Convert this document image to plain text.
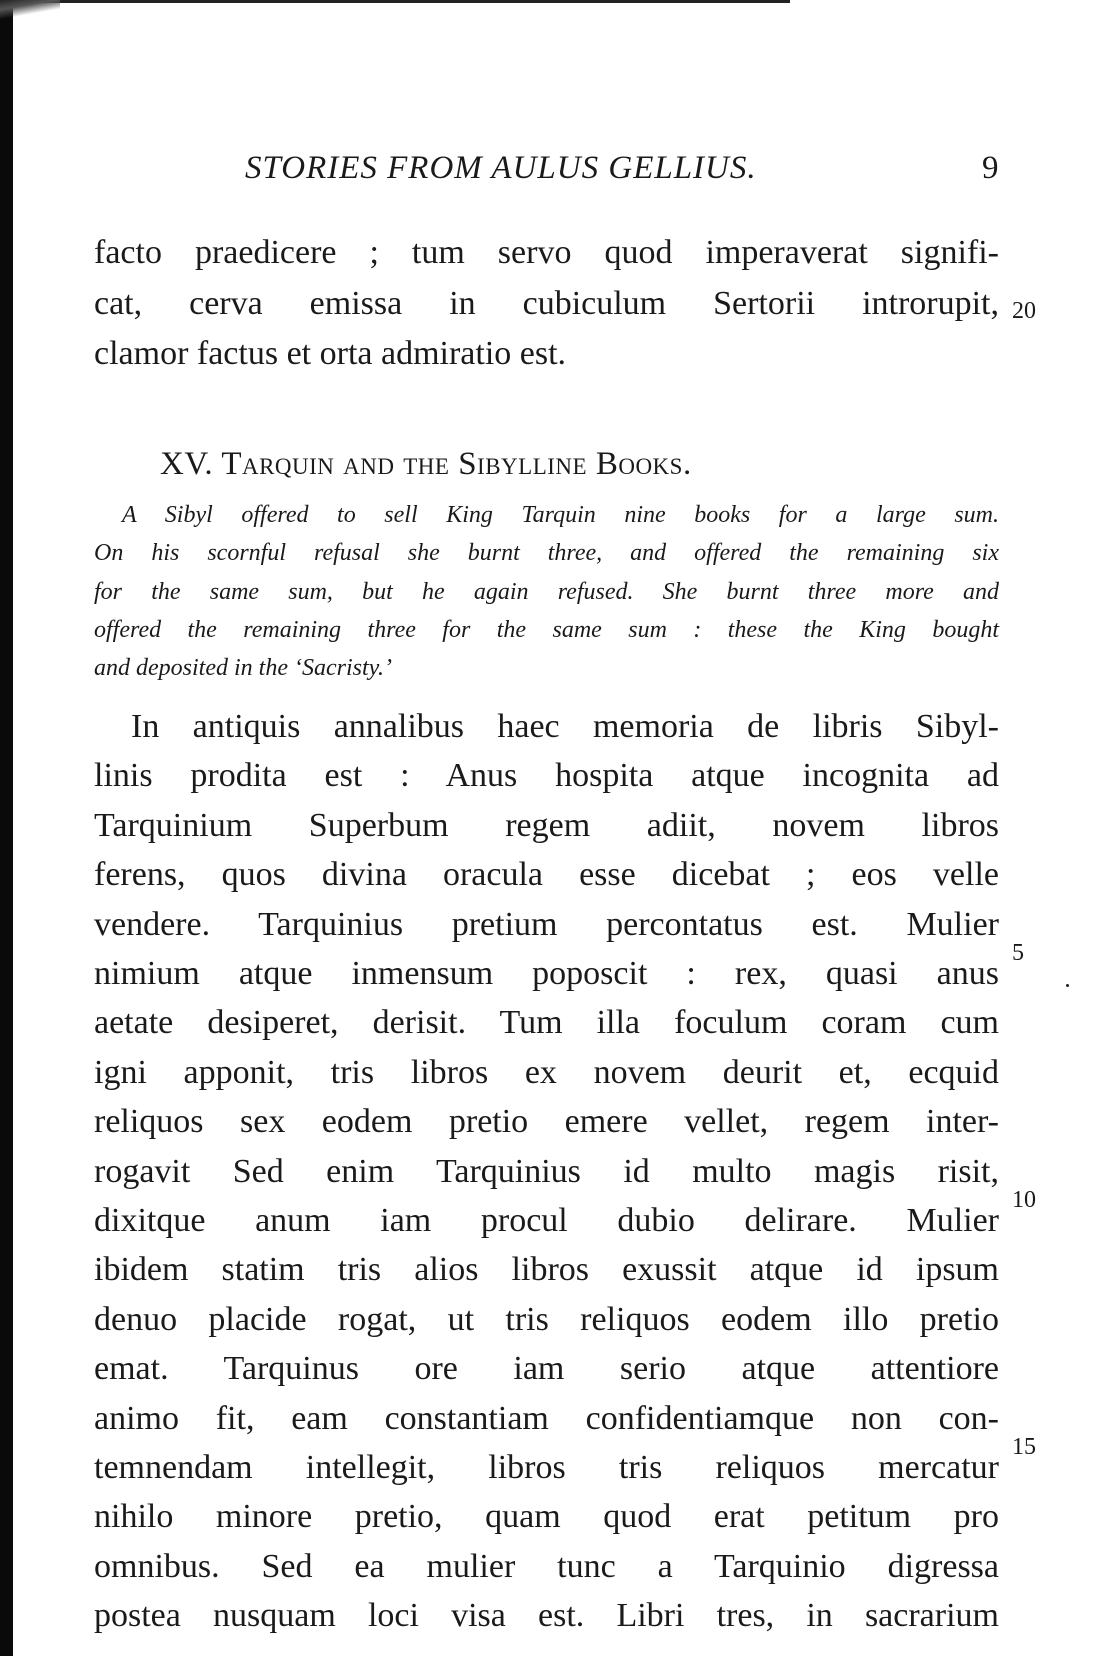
STORIES FROM AULUS GELLIUS.	9
facto praedicere ; tum servo quod imperaverat signifi-
cat, cerva emissa in cubiculum Sertorii introrupit,
clamor factus et orta admiratio est.
XV. Tarquin and the Sibylline Books.
A Sibyl offered to sell King Tarquin nine books for a large sum.
On his scornful refusal she burnt three, and offered the remaining six
for the same sum, but he again refused. She burnt three more and
offered the remaining three for the same sum : these the King bought
and deposited in the ‘Sacristy.’
In antiquis annalibus haec memoria de libris Sibyl-
linis prodita est : Anus hospita atque incognita ad
Tarquinium Superbum regem adiit, novem libros
ferens, quos divina oracula esse dicebat ; eos velle
vendere. Tarquinius pretium percontatus est. Mulier
nimium atque inmensum poposcit : rex, quasi anus
aetate desiperet, derisit. Tum illa foculum coram cum
igni apponit, tris libros ex novem deurit et, ecquid
reliquos sex eodem pretio emere vellet, regem inter-
rogavit Sed enim Tarquinius id multo magis risit,
dixitque anum iam procul dubio delirare. Mulier
ibidem statim tris alios libros exussit atque id ipsum
denuo placide rogat, ut tris reliquos eodem illo pretio
emat. Tarquinus ore iam serio atque attentiore
animo fit, eam constantiam confidentiamque non con-
temnendam intellegit, libros tris reliquos mercatur
nihilo minore pretio, quam quod erat petitum pro
omnibus. Sed ea mulier tunc a Tarquinio digressa
postea nusquam loci visa est. Libri tres, in sacrarium
20
5
10
15
